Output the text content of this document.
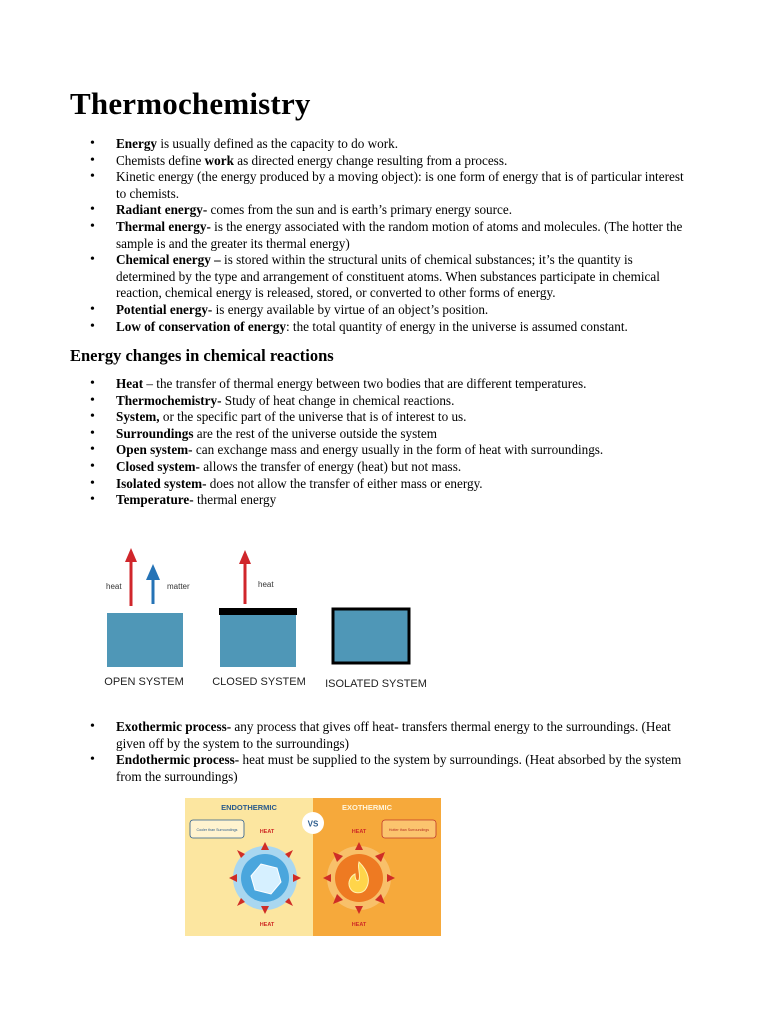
Thermochemistry
• Energy is usually defined as the capacity to do work.
• Chemists define work as directed energy change resulting from a process.
• Kinetic energy (the energy produced by a moving object): is one form of energy that is of particular interest to chemists.
• Radiant energy- comes from the sun and is earth’s primary energy source.
• Thermal energy- is the energy associated with the random motion of atoms and molecules. (The hotter the sample is and the greater its thermal energy)
• Chemical energy – is stored within the structural units of chemical substances; it’s the quantity is determined by the type and arrangement of constituent atoms. When substances participate in chemical reaction, chemical energy is released, stored, or converted to other forms of energy.
• Potential energy- is energy available by virtue of an object’s position.
• Low of conservation of energy: the total quantity of energy in the universe is assumed constant.
Energy changes in chemical reactions
• Heat – the transfer of thermal energy between two bodies that are different temperatures.
• Thermochemistry- Study of heat change in chemical reactions.
• System, or the specific part of the universe that is of interest to us.
• Surroundings are the rest of the universe outside the system
• Open system- can exchange mass and energy usually in the form of heat with surroundings.
• Closed system- allows the transfer of energy (heat) but not mass.
• Isolated system- does not allow the transfer of either mass or energy.
• Temperature- thermal energy
heat	matter
OPEN SYSTEM
heat
CLOSED SYSTEM ISOLATED SYSTEM
• Exothermic process- any process that gives off heat- transfers thermal energy to the surroundings. (Heat given off by the system to the surroundings)
• Endothermic process- heat must be supplied to the system by surroundings. (Heat absorbed by the system from the surroundings)
ENDOTHERMIC	EXOTHERMIC
VS
Cooler than Surroundings	Hotter than Surroundings
HEAT
HEAT
HEAT
HEAT
